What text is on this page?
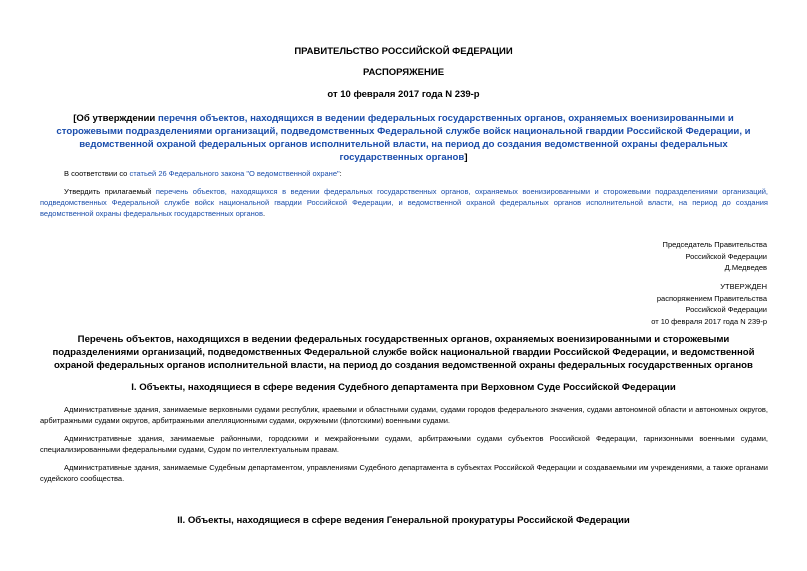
ПРАВИТЕЛЬСТВО РОССИЙСКОЙ ФЕДЕРАЦИИ
РАСПОРЯЖЕНИЕ
от 10 февраля 2017 года N 239-р
[Об утверждении перечня объектов, находящихся в ведении федеральных государственных органов, охраняемых военизированными и сторожевыми подразделениями организаций, подведомственных Федеральной службе войск национальной гвардии Российской Федерации, и ведомственной охраной федеральных органов исполнительной власти, на период до создания ведомственной охраны федеральных государственных органов]
В соответствии со статьей 26 Федерального закона "О ведомственной охране":
Утвердить прилагаемый перечень объектов, находящихся в ведении федеральных государственных органов, охраняемых военизированными и сторожевыми подразделениями организаций, подведомственных Федеральной службе войск национальной гвардии Российской Федерации, и ведомственной охраной федеральных органов исполнительной власти, на период до создания ведомственной охраны федеральных государственных органов.
Председатель Правительства
Российской Федерации
Д.Медведев
УТВЕРЖДЕН
распоряжением Правительства
Российской Федерации
от 10 февраля 2017 года N 239-р
Перечень объектов, находящихся в ведении федеральных государственных органов, охраняемых военизированными и сторожевыми подразделениями организаций, подведомственных Федеральной службе войск национальной гвардии Российской Федерации, и ведомственной охраной федеральных органов исполнительной власти, на период до создания ведомственной охраны федеральных государственных органов
I. Объекты, находящиеся в сфере ведения Судебного департамента при Верховном Суде Российской Федерации
Административные здания, занимаемые верховными судами республик, краевыми и областными судами, судами городов федерального значения, судами автономной области и автономных округов, арбитражными судами округов, арбитражными апелляционными судами, окружными (флотскими) военными судами.
Административные здания, занимаемые районными, городскими и межрайонными судами, арбитражными судами субъектов Российской Федерации, гарнизонными военными судами, специализированными федеральными судами, Судом по интеллектуальным правам.
Административные здания, занимаемые Судебным департаментом, управлениями Судебного департамента в субъектах Российской Федерации и создаваемыми им учреждениями, а также органами судейского сообщества.
II. Объекты, находящиеся в сфере ведения Генеральной прокуратуры Российской Федерации
